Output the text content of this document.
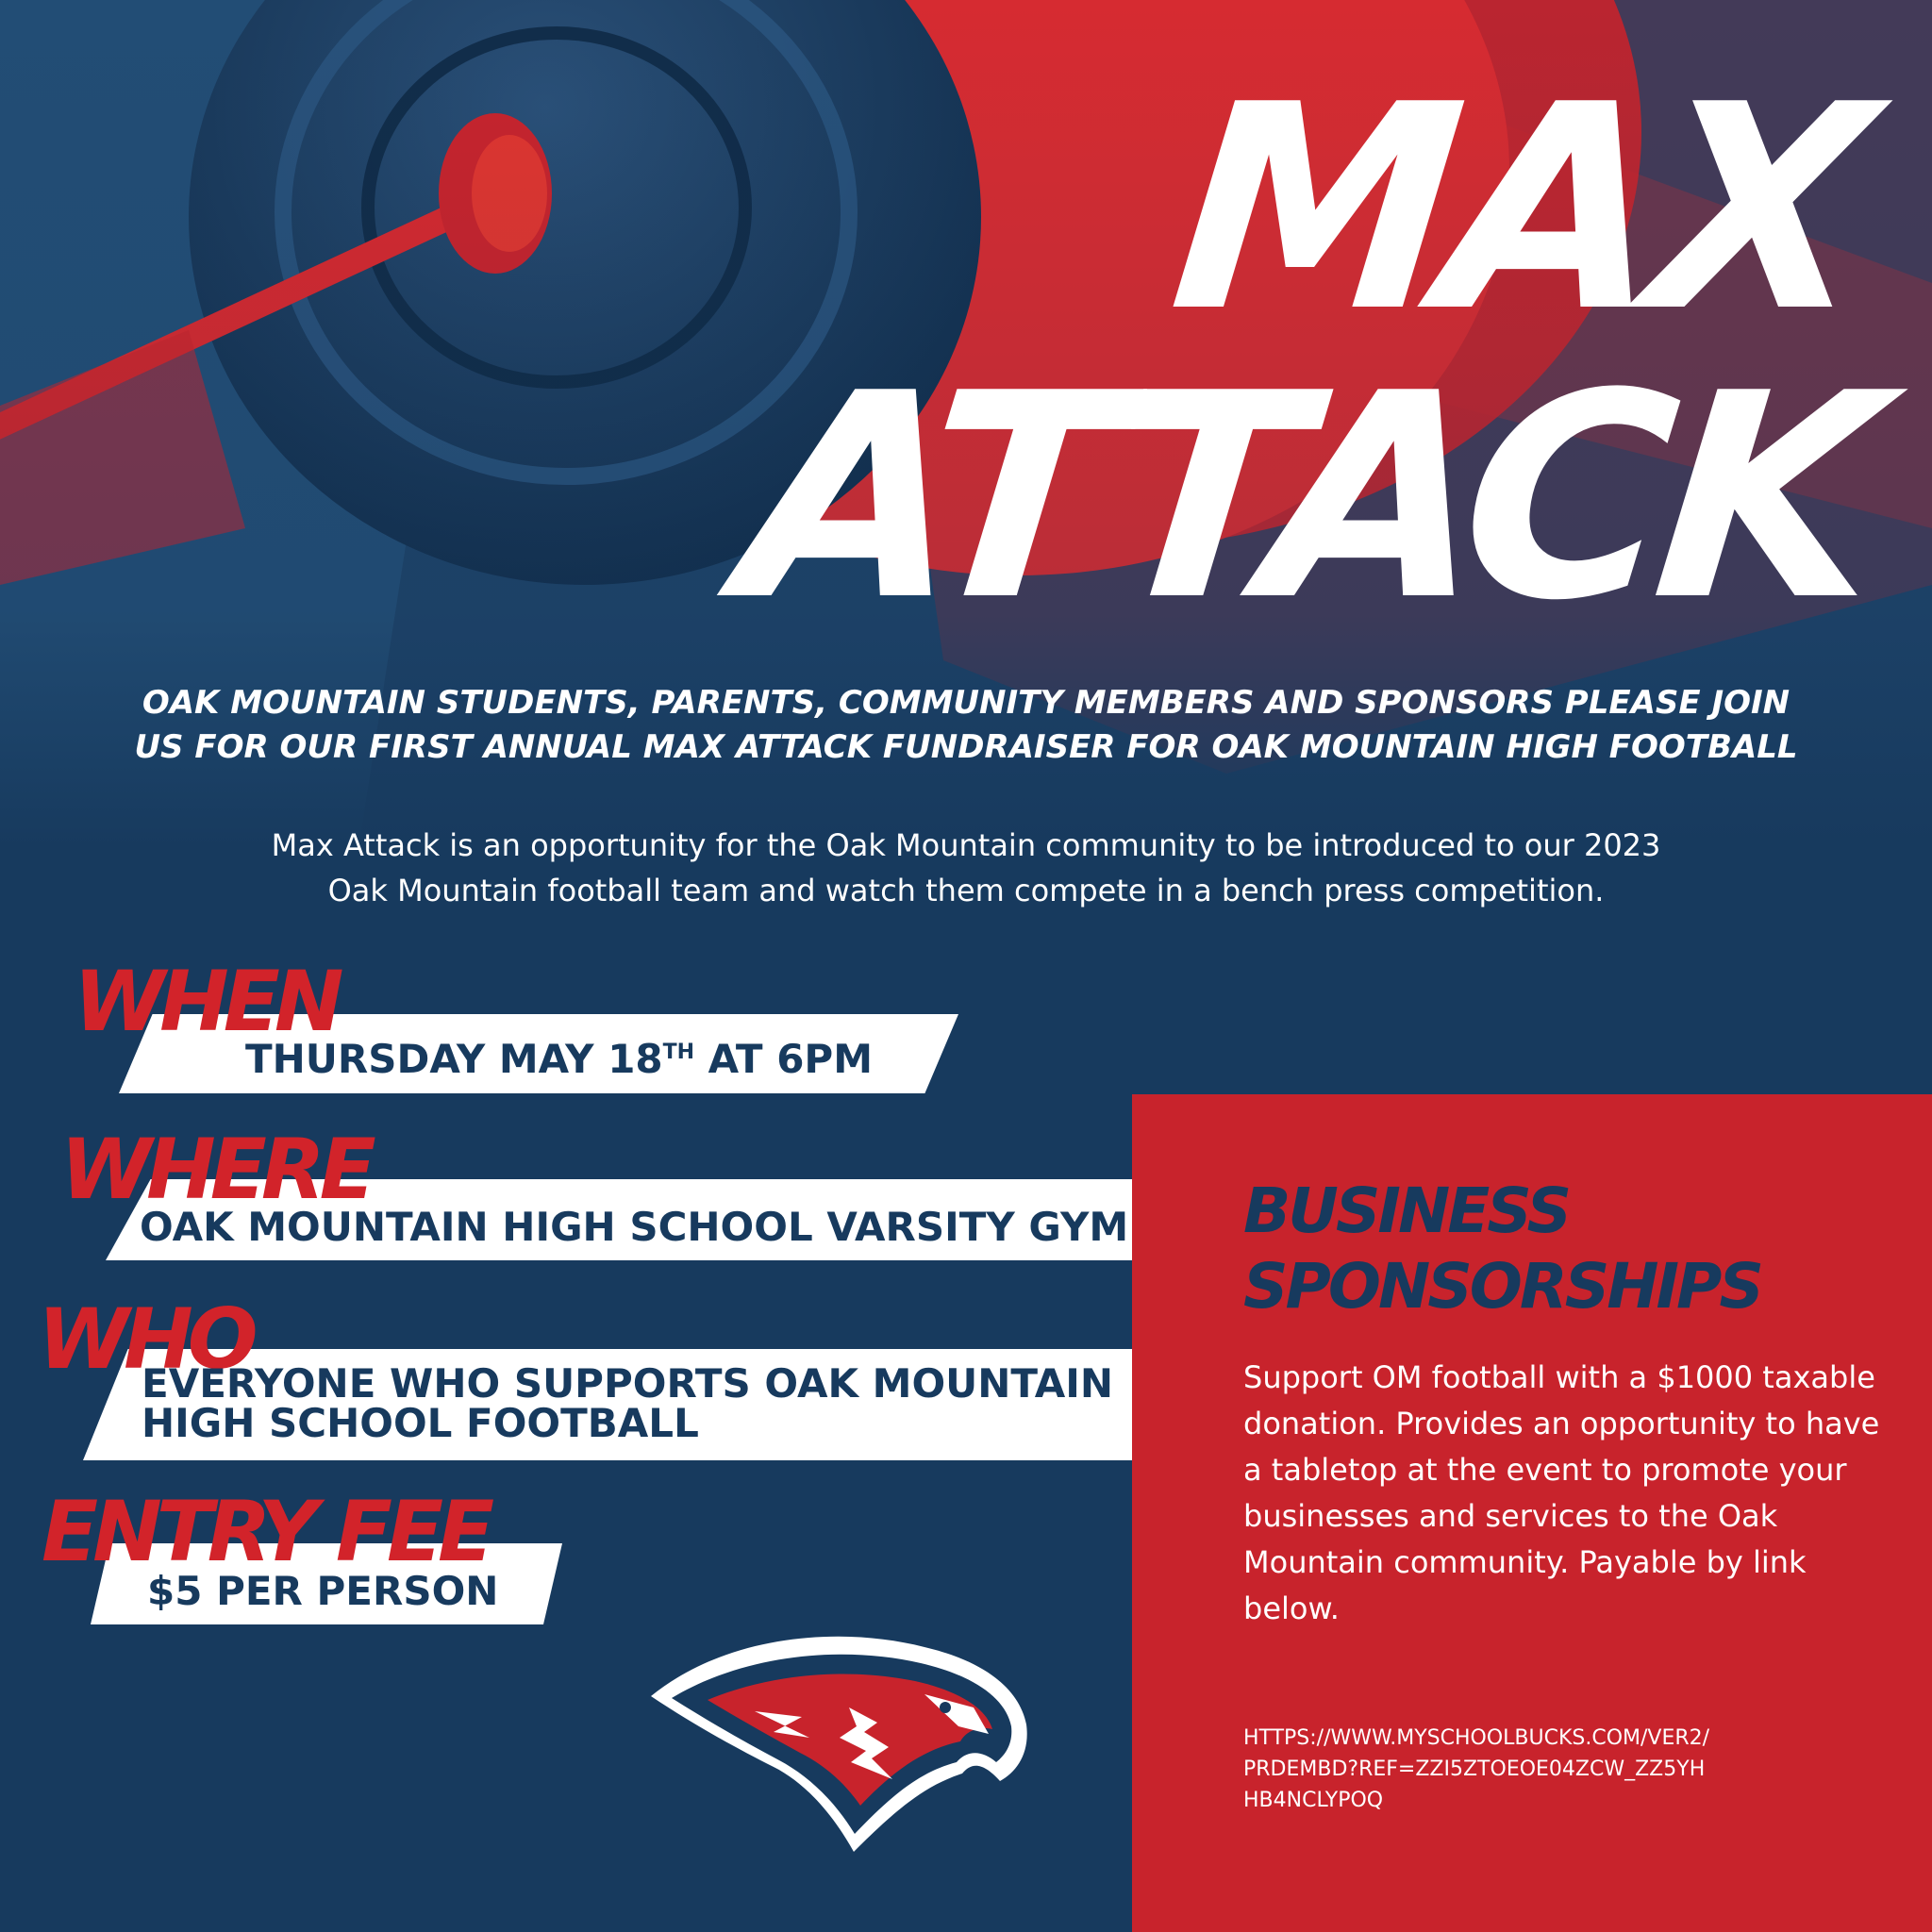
MAX
ATTACK
OAK MOUNTAIN STUDENTS, PARENTS, COMMUNITY MEMBERS AND SPONSORS PLEASE JOIN
US FOR OUR FIRST ANNUAL MAX ATTACK FUNDRAISER FOR OAK MOUNTAIN HIGH FOOTBALL
Max Attack is an opportunity for the Oak Mountain community to be introduced to our 2023
Oak Mountain football team and watch them compete in a bench press competition.
WHEN
THURSDAY MAY 18TH AT 6PM
WHERE
OAK MOUNTAIN HIGH SCHOOL VARSITY GYM
WHO
EVERYONE WHO SUPPORTS OAK MOUNTAIN
HIGH SCHOOL FOOTBALL
ENTRY FEE
$5 PER PERSON
BUSINESS
SPONSORSHIPS
Support OM football with a $1000 taxable donation. Provides an opportunity to have a tabletop at the event to promote your businesses and services to the Oak Mountain community. Payable by link below.
HTTPS://WWW.MYSCHOOLBUCKS.COM/VER2/PRDEMBD?REF=ZZI5ZTOEOE04ZCW_ZZ5YHHB4NCLYPOQ
